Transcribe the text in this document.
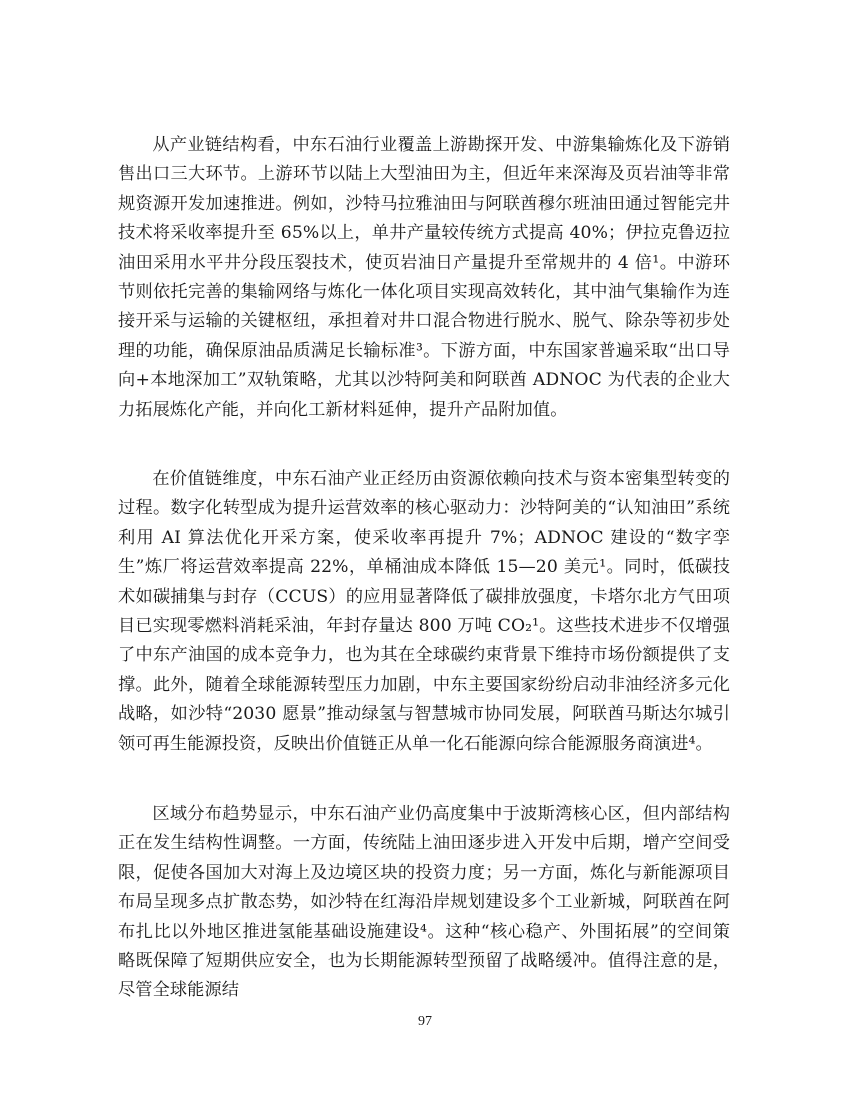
从产业链结构看，中东石油行业覆盖上游勘探开发、中游集输炼化及下游销售出口三大环节。上游环节以陆上大型油田为主，但近年来深海及页岩油等非常规资源开发加速推进。例如，沙特马拉雅油田与阿联酋穆尔班油田通过智能完井技术将采收率提升至 65%以上，单井产量较传统方式提高 40%；伊拉克鲁迈拉油田采用水平井分段压裂技术，使页岩油日产量提升至常规井的 4 倍¹。中游环节则依托完善的集输网络与炼化一体化项目实现高效转化，其中油气集输作为连接开采与运输的关键枢纽，承担着对井口混合物进行脱水、脱气、除杂等初步处理的功能，确保原油品质满足长输标准³。下游方面，中东国家普遍采取“出口导向+本地深加工”双轨策略，尤其以沙特阿美和阿联酋 ADNOC 为代表的企业大力拓展炼化产能，并向化工新材料延伸，提升产品附加值。

在价值链维度，中东石油产业正经历由资源依赖向技术与资本密集型转变的过程。数字化转型成为提升运营效率的核心驱动力：沙特阿美的“认知油田”系统利用 AI 算法优化开采方案，使采收率再提升 7%；ADNOC 建设的“数字孪生”炼厂将运营效率提高 22%，单桶油成本降低 15—20 美元¹。同时，低碳技术如碳捕集与封存（CCUS）的应用显著降低了碳排放强度，卡塔尔北方气田项目已实现零燃料消耗采油，年封存量达 800 万吨 CO₂¹。这些技术进步不仅增强了中东产油国的成本竞争力，也为其在全球碳约束背景下维持市场份额提供了支撑。此外，随着全球能源转型压力加剧，中东主要国家纷纷启动非油经济多元化战略，如沙特“2030 愿景”推动绿氢与智慧城市协同发展，阿联酋马斯达尔城引领可再生能源投资，反映出价值链正从单一化石能源向综合能源服务商演进⁴。

区域分布趋势显示，中东石油产业仍高度集中于波斯湾核心区，但内部结构正在发生结构性调整。一方面，传统陆上油田逐步进入开发中后期，增产空间受限，促使各国加大对海上及边境区块的投资力度；另一方面，炼化与新能源项目布局呈现多点扩散态势，如沙特在红海沿岸规划建设多个工业新城，阿联酋在阿布扎比以外地区推进氢能基础设施建设⁴。这种“核心稳产、外围拓展”的空间策略既保障了短期供应安全，也为长期能源转型预留了战略缓冲。值得注意的是，尽管全球能源结

97
